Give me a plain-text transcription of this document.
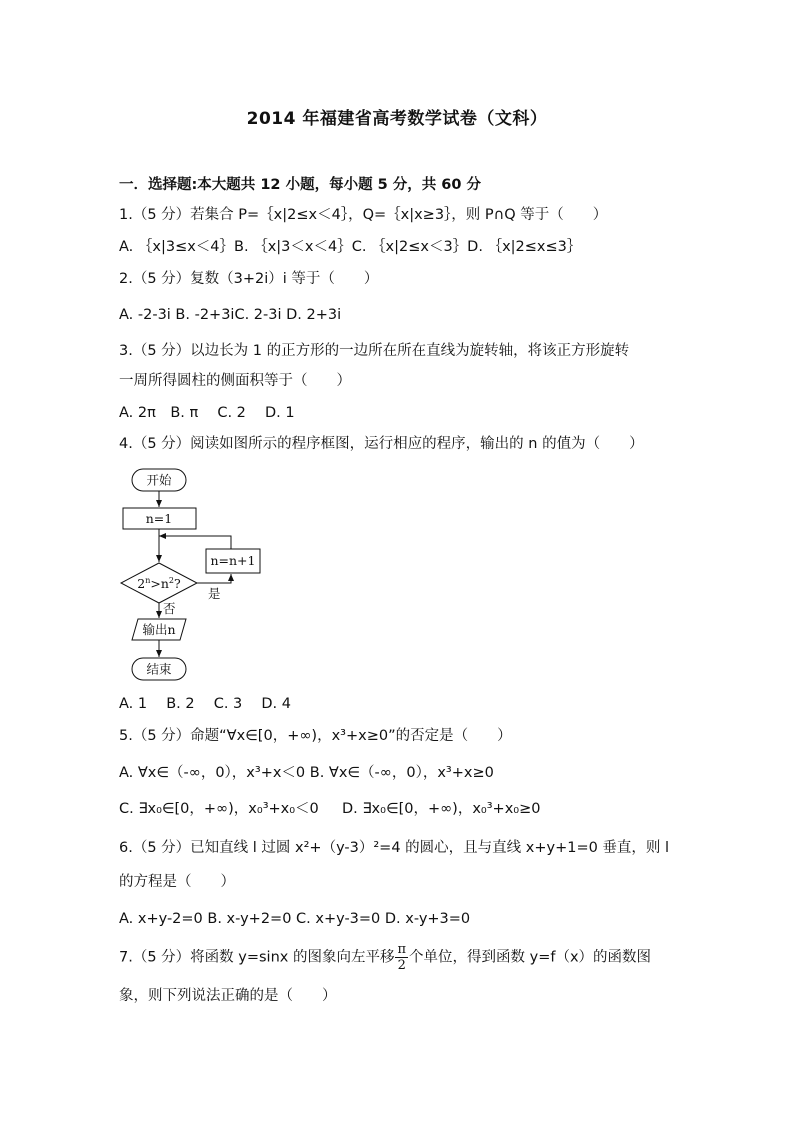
2014 年福建省高考数学试卷（文科）
一．选择题:本大题共 12 小题，每小题 5 分，共 60 分
1.（5 分）若集合 P=｛x|2≤x＜4｝，Q=｛x|x≥3｝，则 P∩Q 等于（　　）
A. ｛x|3≤x＜4｝B. ｛x|3＜x＜4｝C. ｛x|2≤x＜3｝D. ｛x|2≤x≤3｝
2.（5 分）复数（3+2i）i 等于（　　）
A. -2-3i B. -2+3iC. 2-3i D. 2+3i
3.（5 分）以边长为 1 的正方形的一边所在所在直线为旋转轴，将该正方形旋转
一周所得圆柱的侧面积等于（　　）
A. 2π　B. π　 C. 2　 D. 1
4.（5 分）阅读如图所示的程序框图，运行相应的程序，输出的 n 的值为（　　）
开始
n=1
n=n+1
$2^n>n^2$?
是
否
输出n
结束
A. 1　 B. 2　 C. 3　 D. 4
5.（5 分）命题“∀x∈[0，+∞)，x³+x≥0”的否定是（　　）
A. ∀x∈（-∞，0），x³+x＜0 B. ∀x∈（-∞，0），x³+x≥0
C. ∃x₀∈[0，+∞)，x₀³+x₀＜0 D. ∃x₀∈[0，+∞)，x₀³+x₀≥0
6.（5 分）已知直线 l 过圆 x²+（y-3）²=4 的圆心，且与直线 x+y+1=0 垂直，则 l
的方程是（　　）
A. x+y-2=0 B. x-y+2=0 C. x+y-3=0 D. x-y+3=0
7.（5 分）将函数 y=sinx 的图象向左平移 $\frac{\pi}{2}$ 个单位，得到函数 y=f（x）的函数图
象，则下列说法正确的是（　　）
